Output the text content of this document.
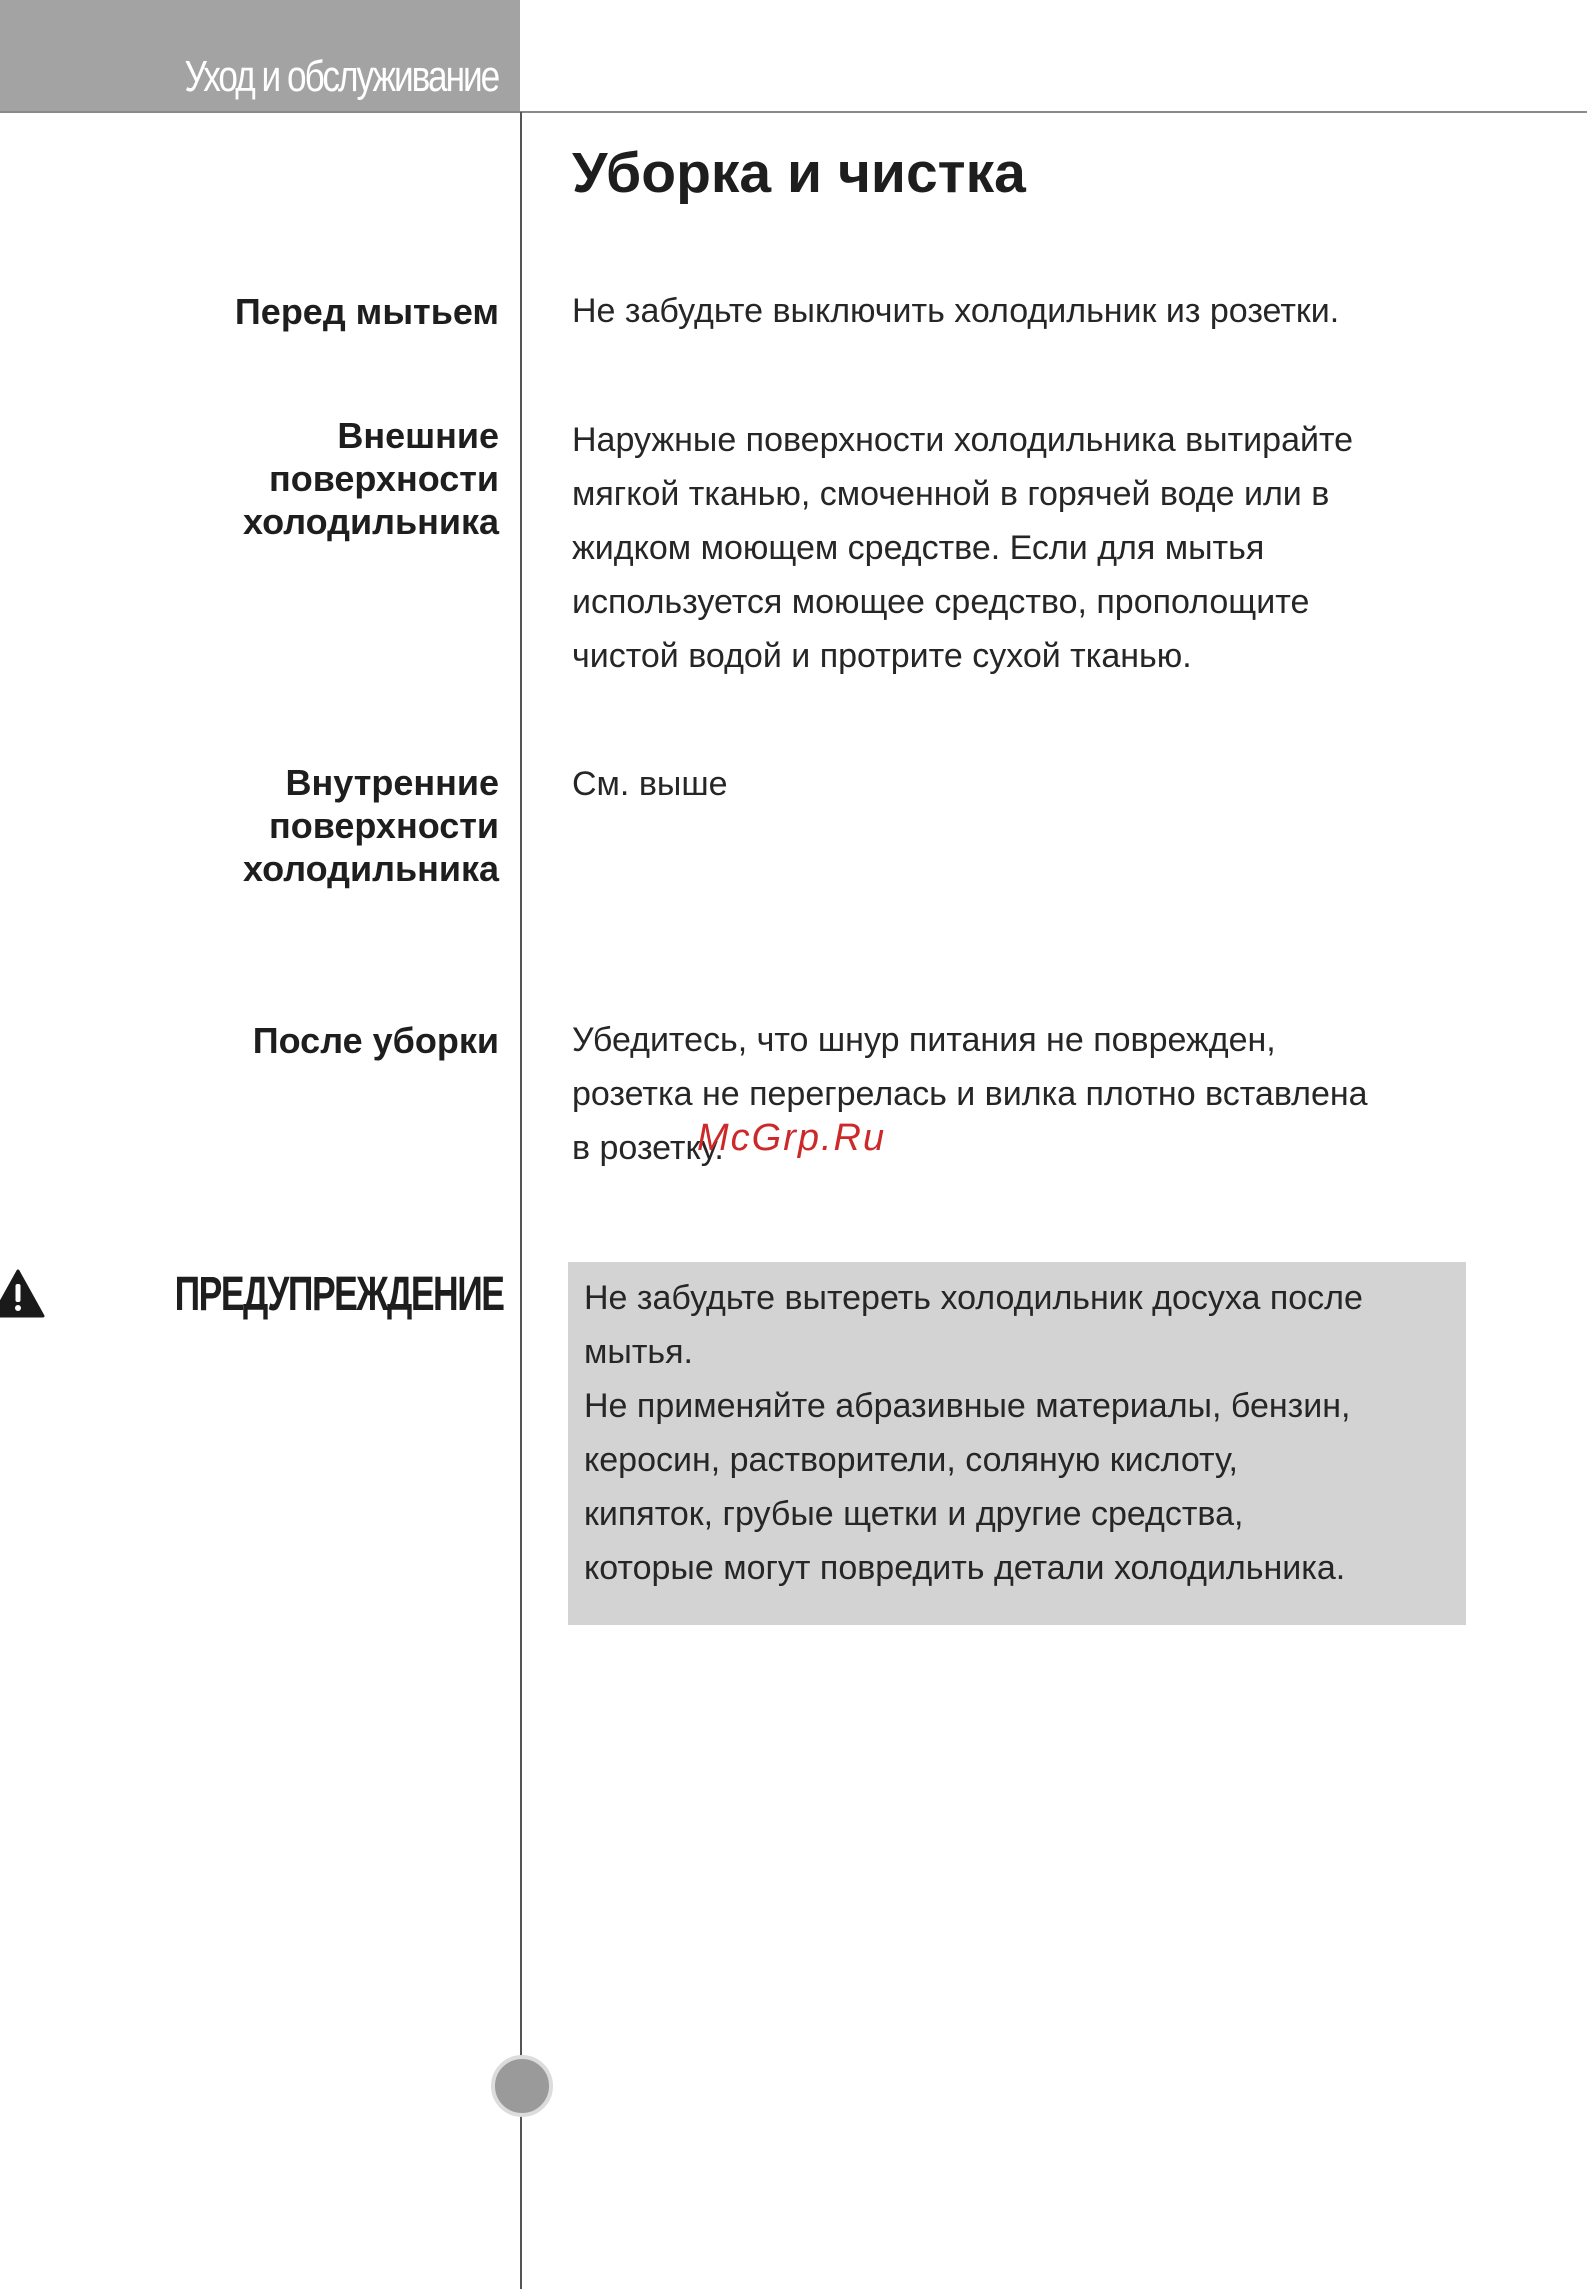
Уход и обслуживание
Уборка и чистка
Перед мытьем Не забудьте выключить холодильник из розетки.
Внешние
поверхности
холодильника
Наружные поверхности холодильника вытирайте
мягкой тканью, смоченной в горячей воде или в
жидком моющем средстве. Если для мытья
используется моющее средство, прополощите
чистой водой и протрите сухой тканью.
Внутренние
поверхности
холодильника
См. выше
После уборки Убедитесь, что шнур питания не поврежден,
розетка не перегрелась и вилка плотно вставлена
в розетку.
McGrp.Ru
ПРЕДУПРЕЖДЕНИЕ Не забудьте вытереть холодильник досуха после
мытья.
Не применяйте абразивные материалы, бензин,
керосин, растворители, соляную кислоту,
кипяток, грубые щетки и другие средства,
которые могут повредить детали холодильника.
